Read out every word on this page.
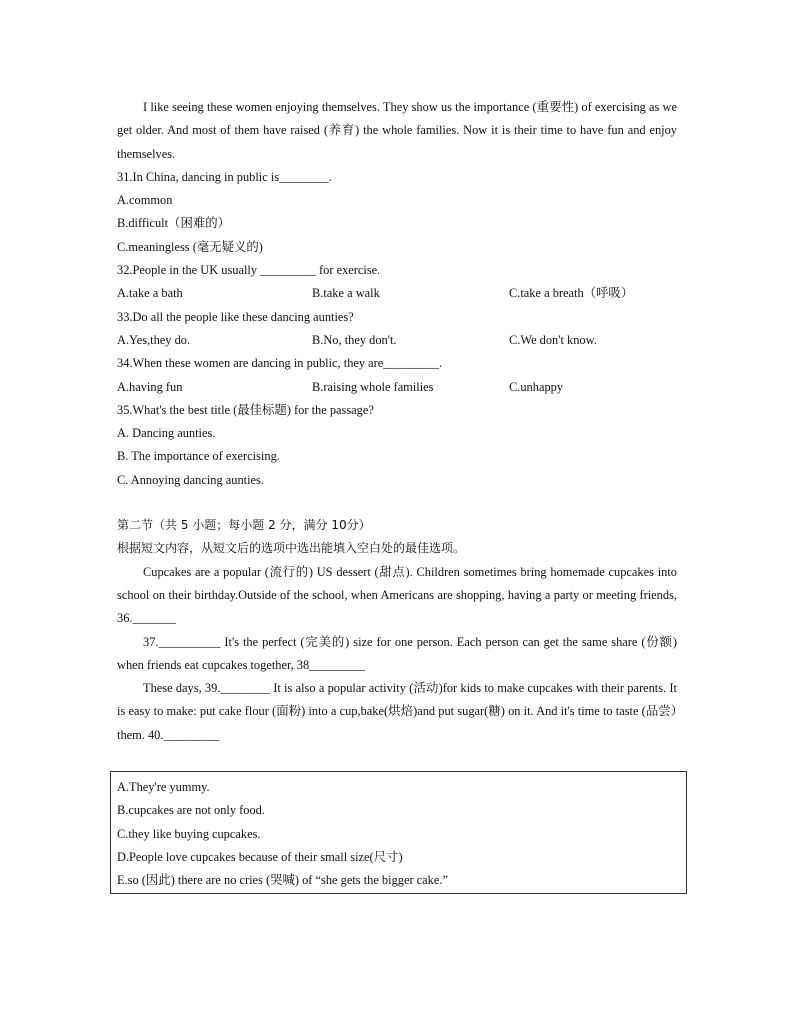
I like seeing these women enjoying themselves. They show us the importance (重要性) of exercising as we get older. And most of them have raised (养育) the whole families. Now it is their time to have fun and enjoy themselves.

31.In China, dancing in public is________.
A.common
B.difficult（困难的）
C.meaningless (毫无疑义的)
32.People in the UK usually _________ for exercise.
A.take a bath	B.take a walk	C.take a breath（呼吸）
33.Do all the people like these dancing aunties?
A.Yes,they do.	B.No, they don't.	C.We don't know.
34.When these women are dancing in public, they are_________.
A.having fun	B.raising whole families	C.unhappy
35.What's the best title (最佳标题) for the passage?
A. Dancing aunties.
B. The importance of exercising.
C. Annoying dancing aunties.
第二节（共 5 小题；每小题 2 分，满分 10分）
根据短文内容，从短文后的选项中选出能填入空白处的最佳选项。

Cupcakes are a popular (流行的) US dessert (甜点). Children sometimes bring homemade cupcakes into school on their birthday.Outside of the school, when Americans are shopping, having a party or meeting friends, 36._______

37.__________ It's the perfect (完美的) size for one person. Each person can get the same share (份额) when friends eat cupcakes together, 38_________

These days, 39.________ It is also a popular activity (活动)for kids to make cupcakes with their parents. It is easy to make: put cake flour (面粉) into a cup,bake(烘焙)and put sugar(糖) on it. And it's time to taste (品尝）them. 40._________

A.They're yummy.
B.cupcakes are not only food.
C.they like buying cupcakes.
D.People love cupcakes because of their small size(尺寸)
E.so (因此) there are no cries (哭喊) of “she gets the bigger cake.”
